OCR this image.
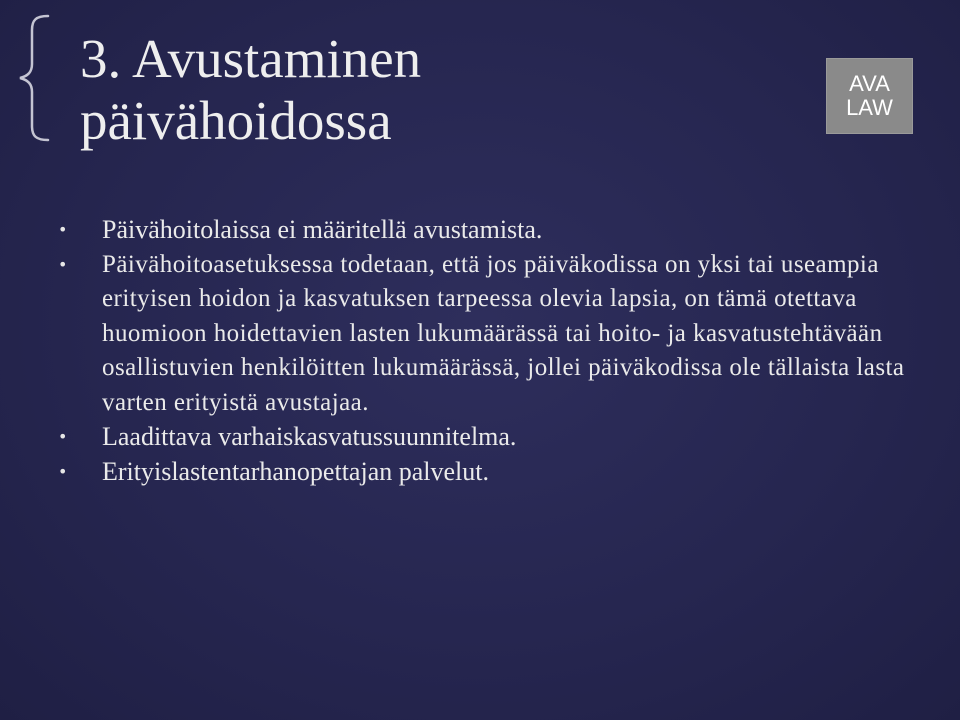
3. Avustaminen
päivähoidossa
AVA
LAW
• Päivähoitolaissa ei määritellä avustamista.
• Päivähoitoasetuksessa todetaan, että jos päiväkodissa on yksi tai useampia erityisen hoidon ja kasvatuksen tarpeessa olevia lapsia, on tämä otettava huomioon hoidettavien lasten lukumäärässä tai hoito- ja kasvatustehtävään osallistuvien henkilöitten lukumäärässä, jollei päiväkodissa ole tällaista lasta varten erityistä avustajaa.
• Laadittava varhaiskasvatussuunnitelma.
• Erityislastentarhanopettajan palvelut.
